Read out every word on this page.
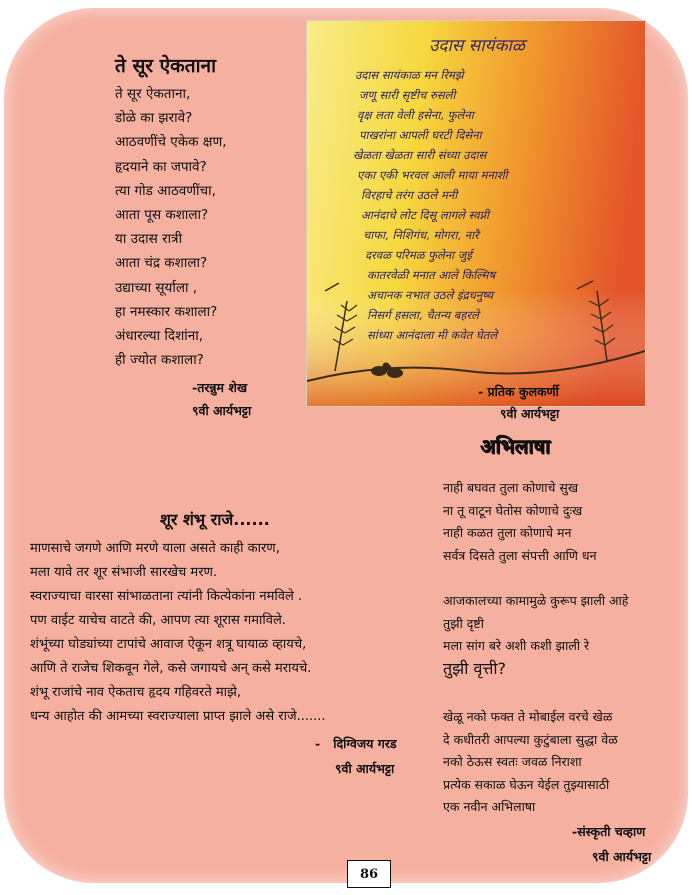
ते सूर ऐकताना
ते सूर ऐकताना,
डोळे का झरावे?
आठवणींचे एकेक क्षण,
हृदयाने का जपावे?
त्या गोड आठवणींचा,
आता पूस कशाला?
या उदास रात्री
आता चंद्र कशाला?
उद्याच्या सूर्याला ,
हा नमस्कार कशाला?
अंधारल्या दिशांना,
ही ज्योत कशाला?
-तरन्नुम शेख
९वी आर्यभट्टा
उदास सायंकाळ
उदास सायंकाळ मन रिमझे
जणू सारी सृष्टीच रुसली
वृक्ष लता वेली हसेना, फुलेना
पाखरांना आपली घरटी दिसेना
खेळता खेळता सारी संध्या उदास
एका एकी भरवल आली माया मनाशी
विरहाचे तरंग उठले मनी
आनंदाचे लोट दिसू लागले स्वप्नी
चाफा, निशिगंध, मोगरा, नारै
दरवळ परिमळ फुलेना जुई
कातरवेळी मनात आले किल्मिष
अचानक नभात उठले इंद्रधनुष्य
निसर्ग हसला, चैतन्य बहरले
सांध्या आनंदाला मी कवेत घेतले
- प्रतिक कुलकर्णी
९वी आर्यभट्टा
अभिलाषा
नाही बघवत तुला कोणाचे सुख
ना तू वाटून घेतोस कोणाचे दुःख
नाही कळत तुला कोणाचे मन
सर्वत्र दिसते तुला संपत्ती आणि धन
आजकालच्या कामामुळे कुरूप झाली आहे
तुझी दृष्टी
मला सांग बरे अशी कशी झाली रे
तुझी वृत्ती?
खेळू नको फक्त ते मोबाईल वरचे खेळ
दे कधीतरी आपल्या कुटुंबाला सुद्धा वेळ
नको ठेऊस स्वतः जवळ निराशा
प्रत्येक सकाळ घेऊन येईल तुझ्यासाठी
एक नवीन अभिलाषा
-संस्कृती चव्हाण
९वी आर्यभट्टा
शूर शंभू राजे......
माणसाचे जगणे आणि मरणे याला असते काही कारण,
मला यावे तर शूर संभाजी सारखेच मरण.
स्वराज्याचा वारसा सांभाळताना त्यांनी कित्येकांना नमविले .
पण वाईट याचेच वाटते की, आपण त्या शूरास गमाविले.
शंभूंच्या घोड्यांच्या टापांचे आवाज ऐकून शत्रू घायाळ व्हायचे,
आणि ते राजेच शिकवून गेले, कसे जगायचे अन् कसे मरायचे.
शंभू राजांचे नाव ऐकताच हृदय गहिवरते माझे,
धन्य आहोत की आमच्या स्वराज्याला प्राप्त झाले असे राजे.......
-   दिग्विजय गरड
९वी आर्यभट्टा
86
